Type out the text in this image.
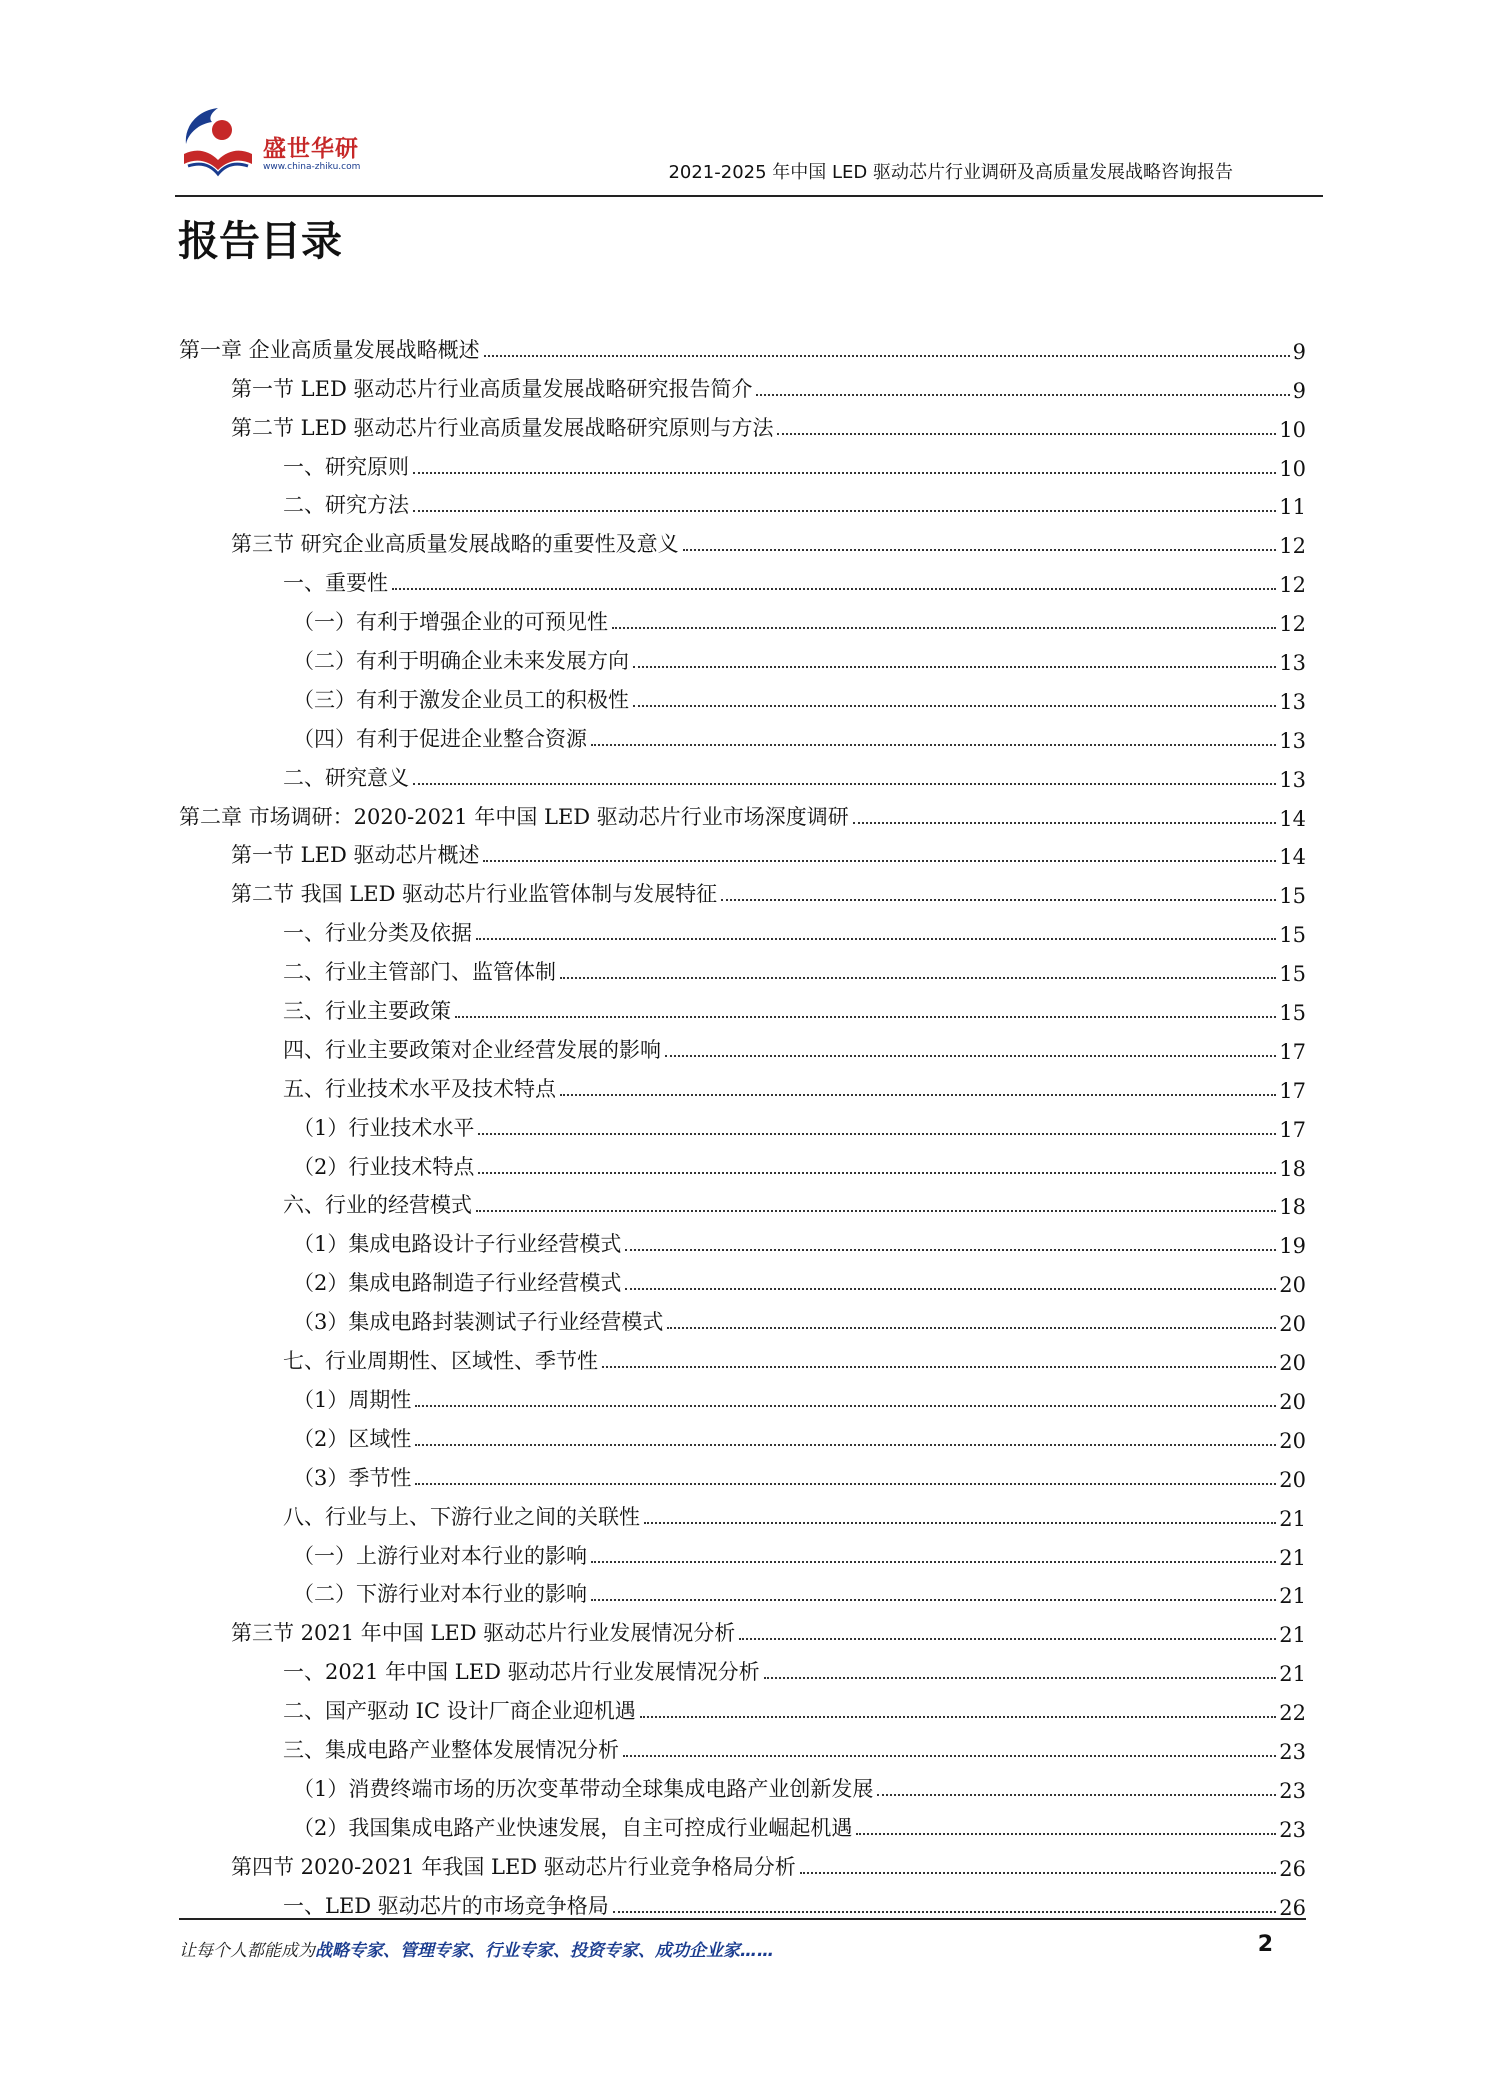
盛世华研
www.china-zhiku.com	2021-2025 年中国 LED 驱动芯片行业调研及高质量发展战略咨询报告
报告目录
第一章 企业高质量发展战略概述	9
第一节 LED 驱动芯片行业高质量发展战略研究报告简介	9
第二节 LED 驱动芯片行业高质量发展战略研究原则与方法	10
一、研究原则	10
二、研究方法	11
第三节 研究企业高质量发展战略的重要性及意义	12
一、重要性	12
（一）有利于增强企业的可预见性	12
（二）有利于明确企业未来发展方向	13
（三）有利于激发企业员工的积极性	13
（四）有利于促进企业整合资源	13
二、研究意义	13
第二章 市场调研：2020-2021 年中国 LED 驱动芯片行业市场深度调研	14
第一节 LED 驱动芯片概述	14
第二节 我国 LED 驱动芯片行业监管体制与发展特征	15
一、行业分类及依据	15
二、行业主管部门、监管体制	15
三、行业主要政策	15
四、行业主要政策对企业经营发展的影响	17
五、行业技术水平及技术特点	17
（1）行业技术水平	17
（2）行业技术特点	18
六、行业的经营模式	18
（1）集成电路设计子行业经营模式	19
（2）集成电路制造子行业经营模式	20
（3）集成电路封装测试子行业经营模式	20
七、行业周期性、区域性、季节性	20
（1）周期性	20
（2）区域性	20
（3）季节性	20
八、行业与上、下游行业之间的关联性	21
（一）上游行业对本行业的影响	21
（二）下游行业对本行业的影响	21
第三节 2021 年中国 LED 驱动芯片行业发展情况分析	21
一、2021 年中国 LED 驱动芯片行业发展情况分析	21
二、国产驱动 IC 设计厂商企业迎机遇	22
三、集成电路产业整体发展情况分析	23
（1）消费终端市场的历次变革带动全球集成电路产业创新发展	23
（2）我国集成电路产业快速发展，自主可控成行业崛起机遇	23
第四节 2020-2021 年我国 LED 驱动芯片行业竞争格局分析	26
一、LED 驱动芯片的市场竞争格局	26
让每个人都能成为战略专家、管理专家、行业专家、投资专家、成功企业家……	2
